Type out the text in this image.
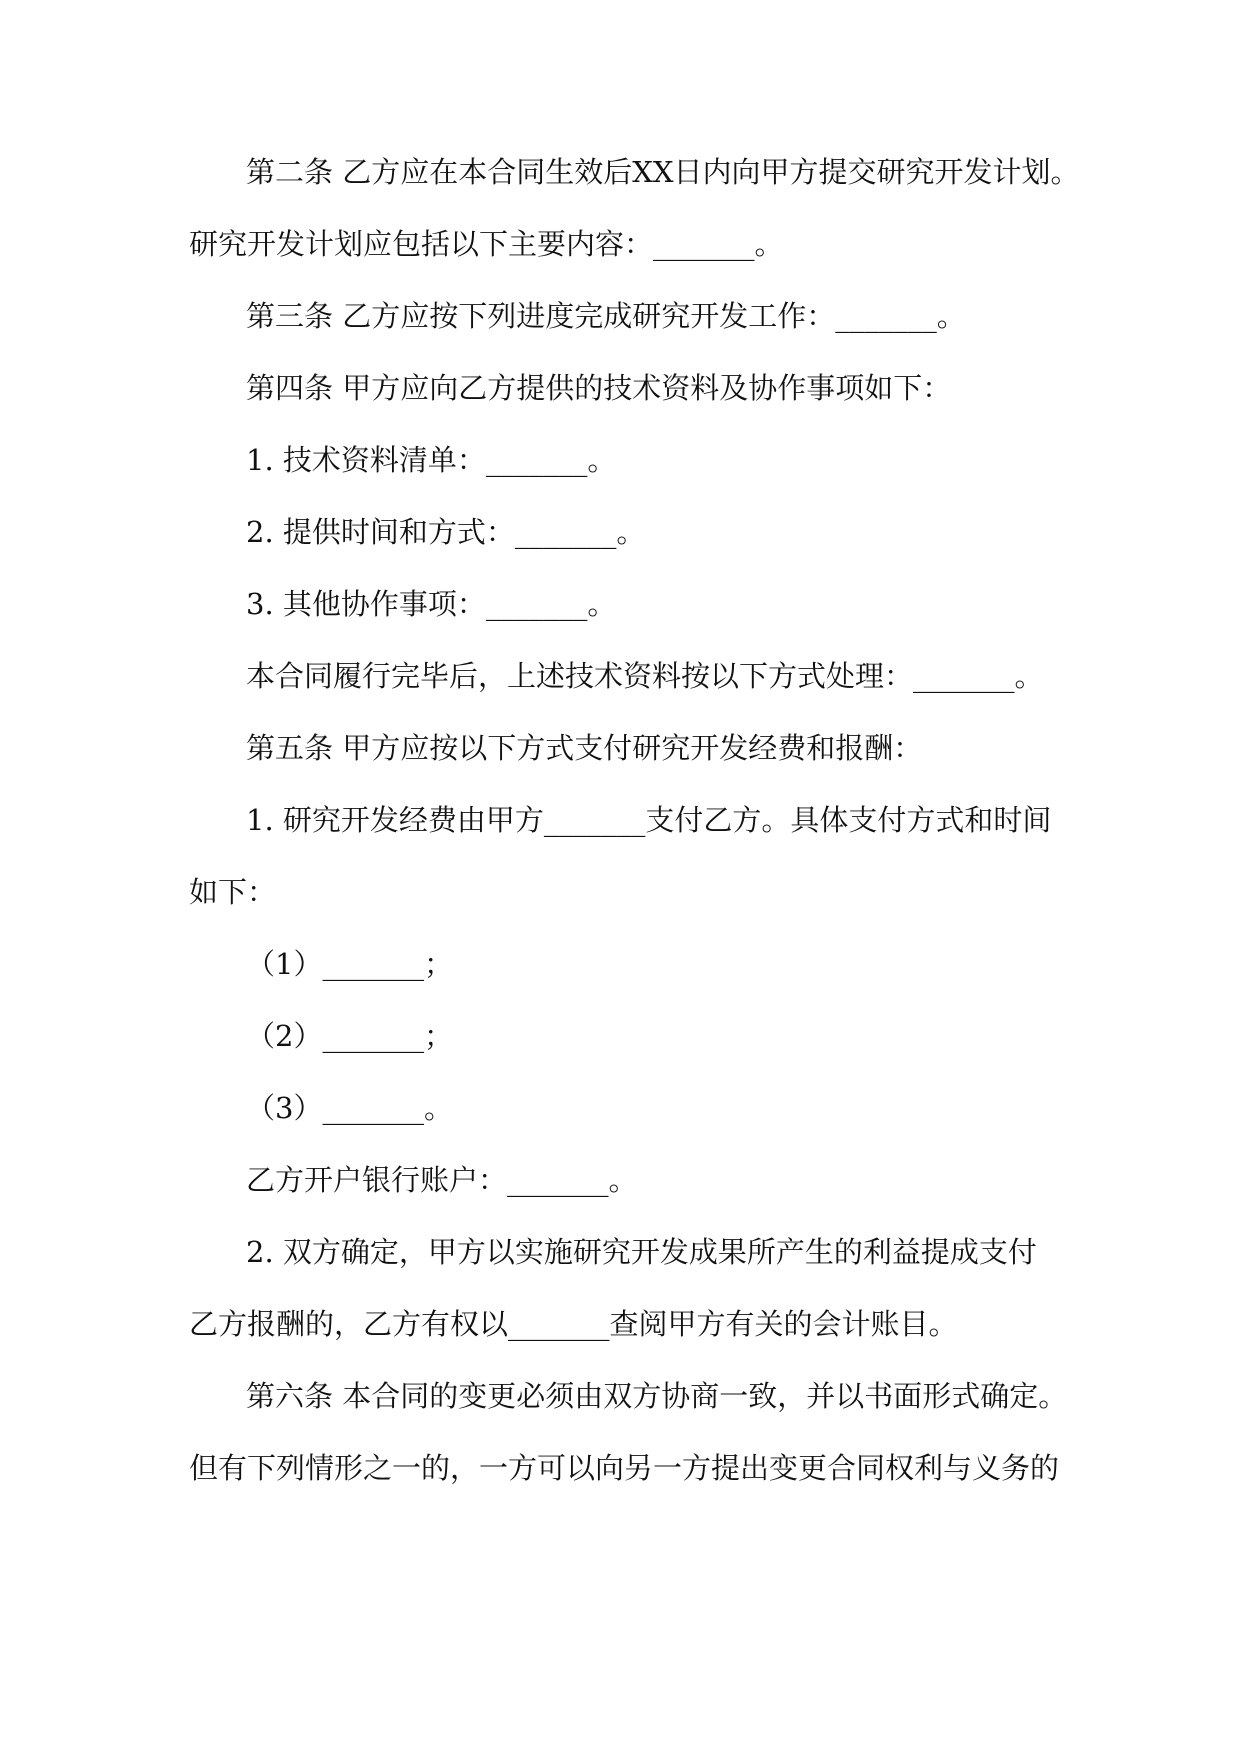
第二条 乙方应在本合同生效后XX日内向甲方提交研究开发计划。

研究开发计划应包括以下主要内容：_______。

第三条 乙方应按下列进度完成研究开发工作：_______。

第四条 甲方应向乙方提供的技术资料及协作事项如下：

1. 技术资料清单：_______。

2. 提供时间和方式：_______。

3. 其他协作事项：_______。

本合同履行完毕后，上述技术资料按以下方式处理：_______。

第五条 甲方应按以下方式支付研究开发经费和报酬：

1. 研究开发经费由甲方_______支付乙方。具体支付方式和时间

如下：

（1）_______；

（2）_______；

（3）_______。

乙方开户银行账户：_______。

2. 双方确定，甲方以实施研究开发成果所产生的利益提成支付

乙方报酬的，乙方有权以_______查阅甲方有关的会计账目。

第六条 本合同的变更必须由双方协商一致，并以书面形式确定。

但有下列情形之一的，一方可以向另一方提出变更合同权利与义务的
